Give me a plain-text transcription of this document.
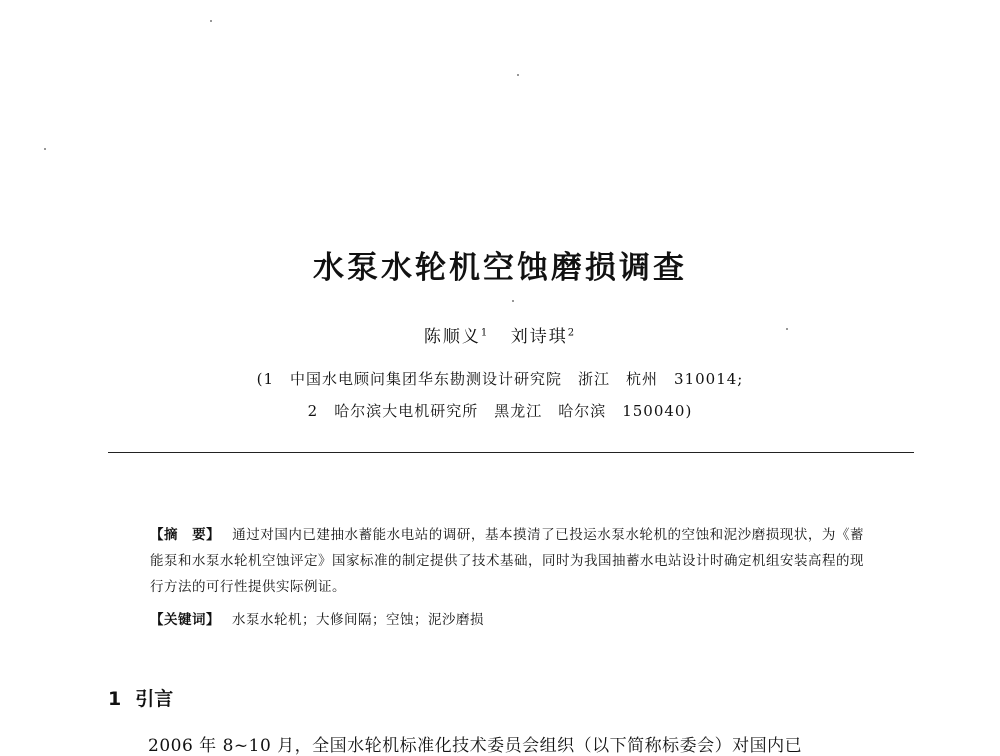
水泵水轮机空蚀磨损调查
陈顺义$^1$ 刘诗琪$^2$
(1　中国水电顾问集团华东勘测设计研究院　浙江　杭州　310014;
2　哈尔滨大电机研究所　黑龙江　哈尔滨　150040)
【摘　要】 通过对国内已建抽水蓄能水电站的调研，基本摸清了已投运水泵水轮机的空蚀和泥沙磨损现状，为《蓄能泵和水泵水轮机空蚀评定》国家标准的制定提供了技术基础，同时为我国抽蓄水电站设计时确定机组安装高程的现行方法的可行性提供实际例证。
【关键词】 水泵水轮机；大修间隔；空蚀；泥沙磨损
1 引言
2006 年 8~10 月，全国水轮机标准化技术委员会组织（以下简称标委会）对国内已
